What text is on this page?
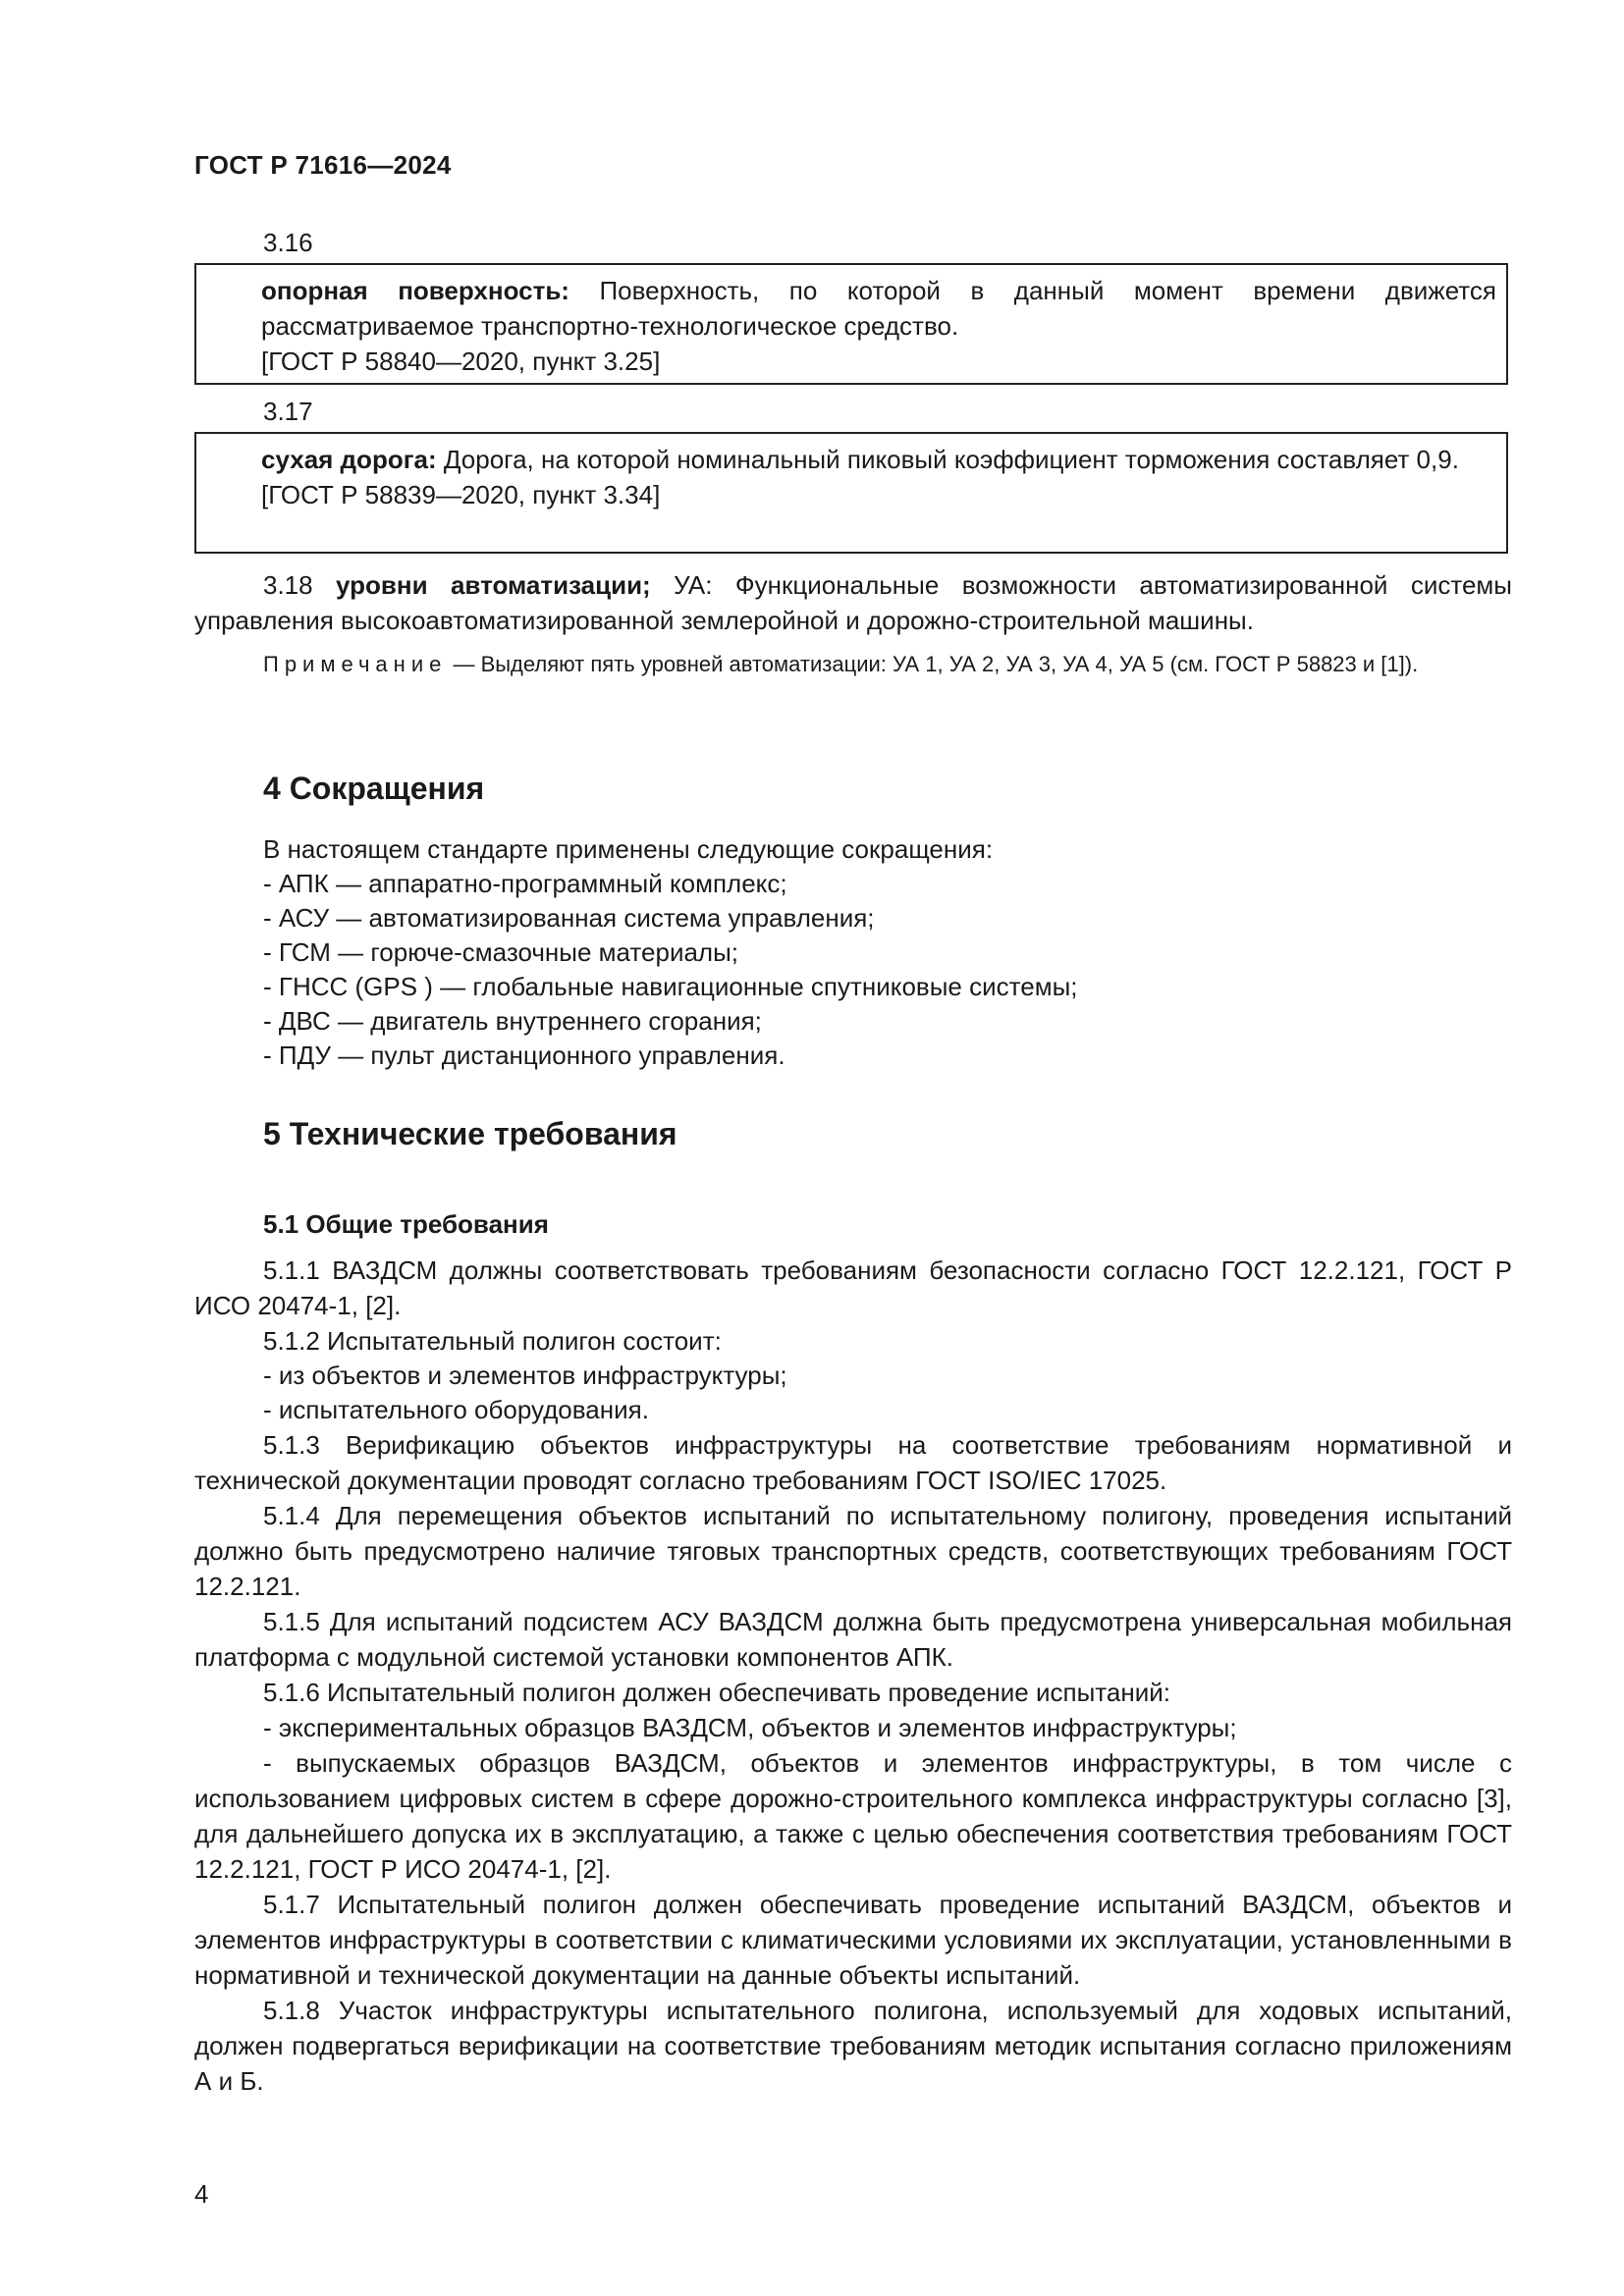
ГОСТ Р 71616—2024
3.16

опорная поверхность: Поверхность, по которой в данный момент времени движется рассматриваемое транспортно-технологическое средство.

[ГОСТ Р 58840—2020, пункт 3.25]

3.17

сухая дорога: Дорога, на которой номинальный пиковый коэффициент торможения составляет 0,9.

[ГОСТ Р 58839—2020, пункт 3.34]

3.18 уровни автоматизации; УА: Функциональные возможности автоматизированной системы управления высокоавтоматизированной землеройной и дорожно-строительной машины.

Примечание — Выделяют пять уровней автоматизации: УА 1, УА 2, УА 3, УА 4, УА 5 (см. ГОСТ Р 58823 и [1]).

4 Сокращения

В настоящем стандарте применены следующие сокращения:

- АПК — аппаратно-программный комплекс;
- АСУ — автоматизированная система управления;
- ГСМ — горюче-смазочные материалы;
- ГНСС (GPS ) — глобальные навигационные спутниковые системы;
- ДВС — двигатель внутреннего сгорания;
- ПДУ — пульт дистанционного управления.
5 Технические требования
5.1 Общие требования

5.1.1 ВАЗДСМ должны соответствовать требованиям безопасности согласно ГОСТ 12.2.121, ГОСТ Р ИСО 20474-1, [2].

5.1.2 Испытательный полигон состоит:

- из объектов и элементов инфраструктуры;
- испытательного оборудования.

5.1.3 Верификацию объектов инфраструктуры на соответствие требованиям нормативной и технической документации проводят согласно требованиям ГОСТ ISO/IEC 17025.

5.1.4 Для перемещения объектов испытаний по испытательному полигону, проведения испытаний должно быть предусмотрено наличие тяговых транспортных средств, соответствующих требованиям ГОСТ 12.2.121.

5.1.5 Для испытаний подсистем АСУ ВАЗДСМ должна быть предусмотрена универсальная мобильная платформа с модульной системой установки компонентов АПК.

5.1.6 Испытательный полигон должен обеспечивать проведение испытаний:

- экспериментальных образцов ВАЗДСМ, объектов и элементов инфраструктуры;

- выпускаемых образцов ВАЗДСМ, объектов и элементов инфраструктуры, в том числе с использованием цифровых систем в сфере дорожно-строительного комплекса инфраструктуры согласно [3], для дальнейшего допуска их в эксплуатацию, а также с целью обеспечения соответствия требованиям ГОСТ 12.2.121, ГОСТ Р ИСО 20474-1, [2].

5.1.7 Испытательный полигон должен обеспечивать проведение испытаний ВАЗДСМ, объектов и элементов инфраструктуры в соответствии с климатическими условиями их эксплуатации, установленными в нормативной и технической документации на данные объекты испытаний.

5.1.8 Участок инфраструктуры испытательного полигона, используемый для ходовых испытаний, должен подвергаться верификации на соответствие требованиям методик испытания согласно приложениям А и Б.

4
